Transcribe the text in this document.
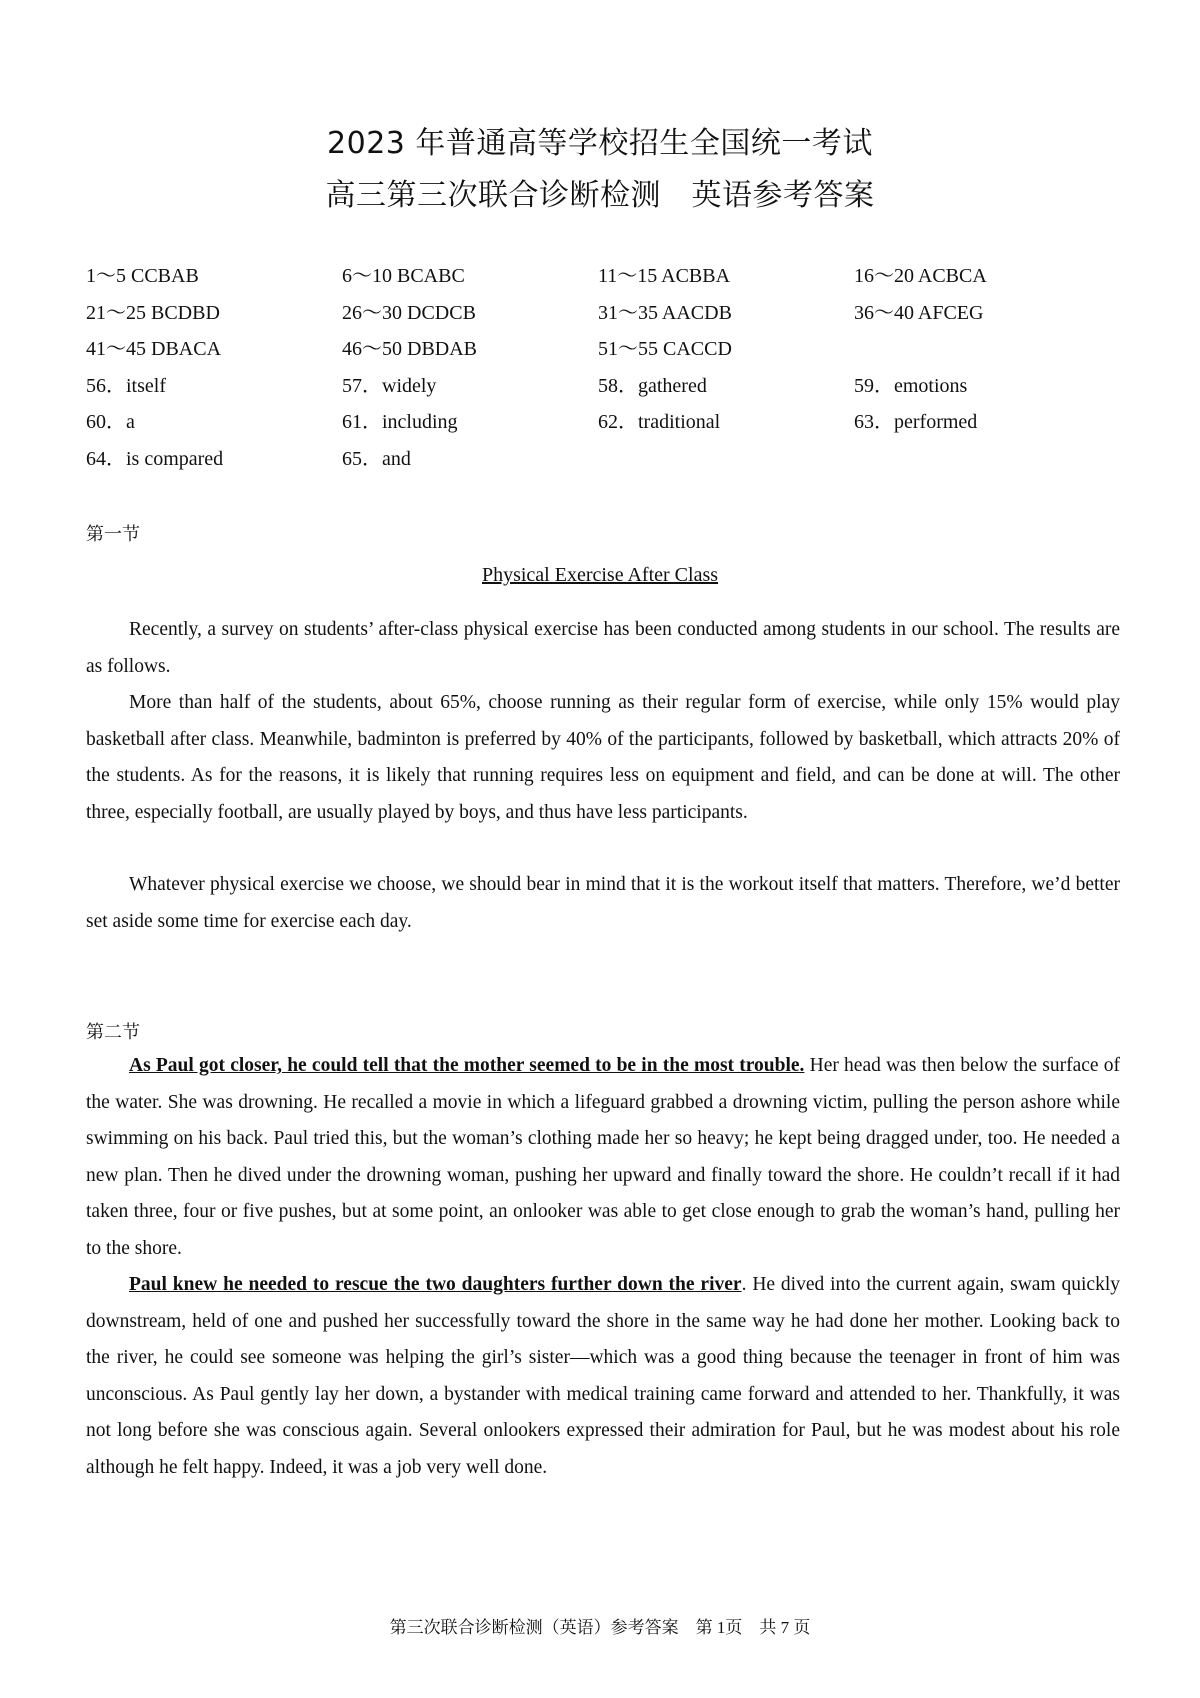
2023 年普通高等学校招生全国统一考试
高三第三次联合诊断检测　英语参考答案
1～5 CCBAB	6～10 BCABC	11～15 ACBBA	16～20 ACBCA
21～25 BCDBD	26～30 DCDCB	31～35 AACDB	36～40 AFCEG
41～45 DBACA	46～50 DBDAB	51～55 CACCD
56．itself	57．widely	58．gathered	59．emotions
60．a	61．including	62．traditional	63．performed
64．is compared	65．and
第一节
Physical Exercise After Class

Recently, a survey on students’ after-class physical exercise has been conducted among students in our school. The results are as follows.

More than half of the students, about 65%, choose running as their regular form of exercise, while only 15% would play basketball after class. Meanwhile, badminton is preferred by 40% of the participants, followed by basketball, which attracts 20% of the students. As for the reasons, it is likely that running requires less on equipment and field, and can be done at will. The other three, especially football, are usually played by boys, and thus have less participants.

Whatever physical exercise we choose, we should bear in mind that it is the workout itself that matters. Therefore, we’d better set aside some time for exercise each day.

第二节

As Paul got closer, he could tell that the mother seemed to be in the most trouble. Her head was then below the surface of the water. She was drowning. He recalled a movie in which a lifeguard grabbed a drowning victim, pulling the person ashore while swimming on his back. Paul tried this, but the woman’s clothing made her so heavy; he kept being dragged under, too. He needed a new plan. Then he dived under the drowning woman, pushing her upward and finally toward the shore. He couldn’t recall if it had taken three, four or five pushes, but at some point, an onlooker was able to get close enough to grab the woman’s hand, pulling her to the shore.

Paul knew he needed to rescue the two daughters further down the river. He dived into the current again, swam quickly downstream, held of one and pushed her successfully toward the shore in the same way he had done her mother. Looking back to the river, he could see someone was helping the girl’s sister—which was a good thing because the teenager in front of him was unconscious. As Paul gently lay her down, a bystander with medical training came forward and attended to her. Thankfully, it was not long before she was conscious again. Several onlookers expressed their admiration for Paul, but he was modest about his role although he felt happy. Indeed, it was a job very well done.

第三次联合诊断检测（英语）参考答案　第 1页　共 7 页
